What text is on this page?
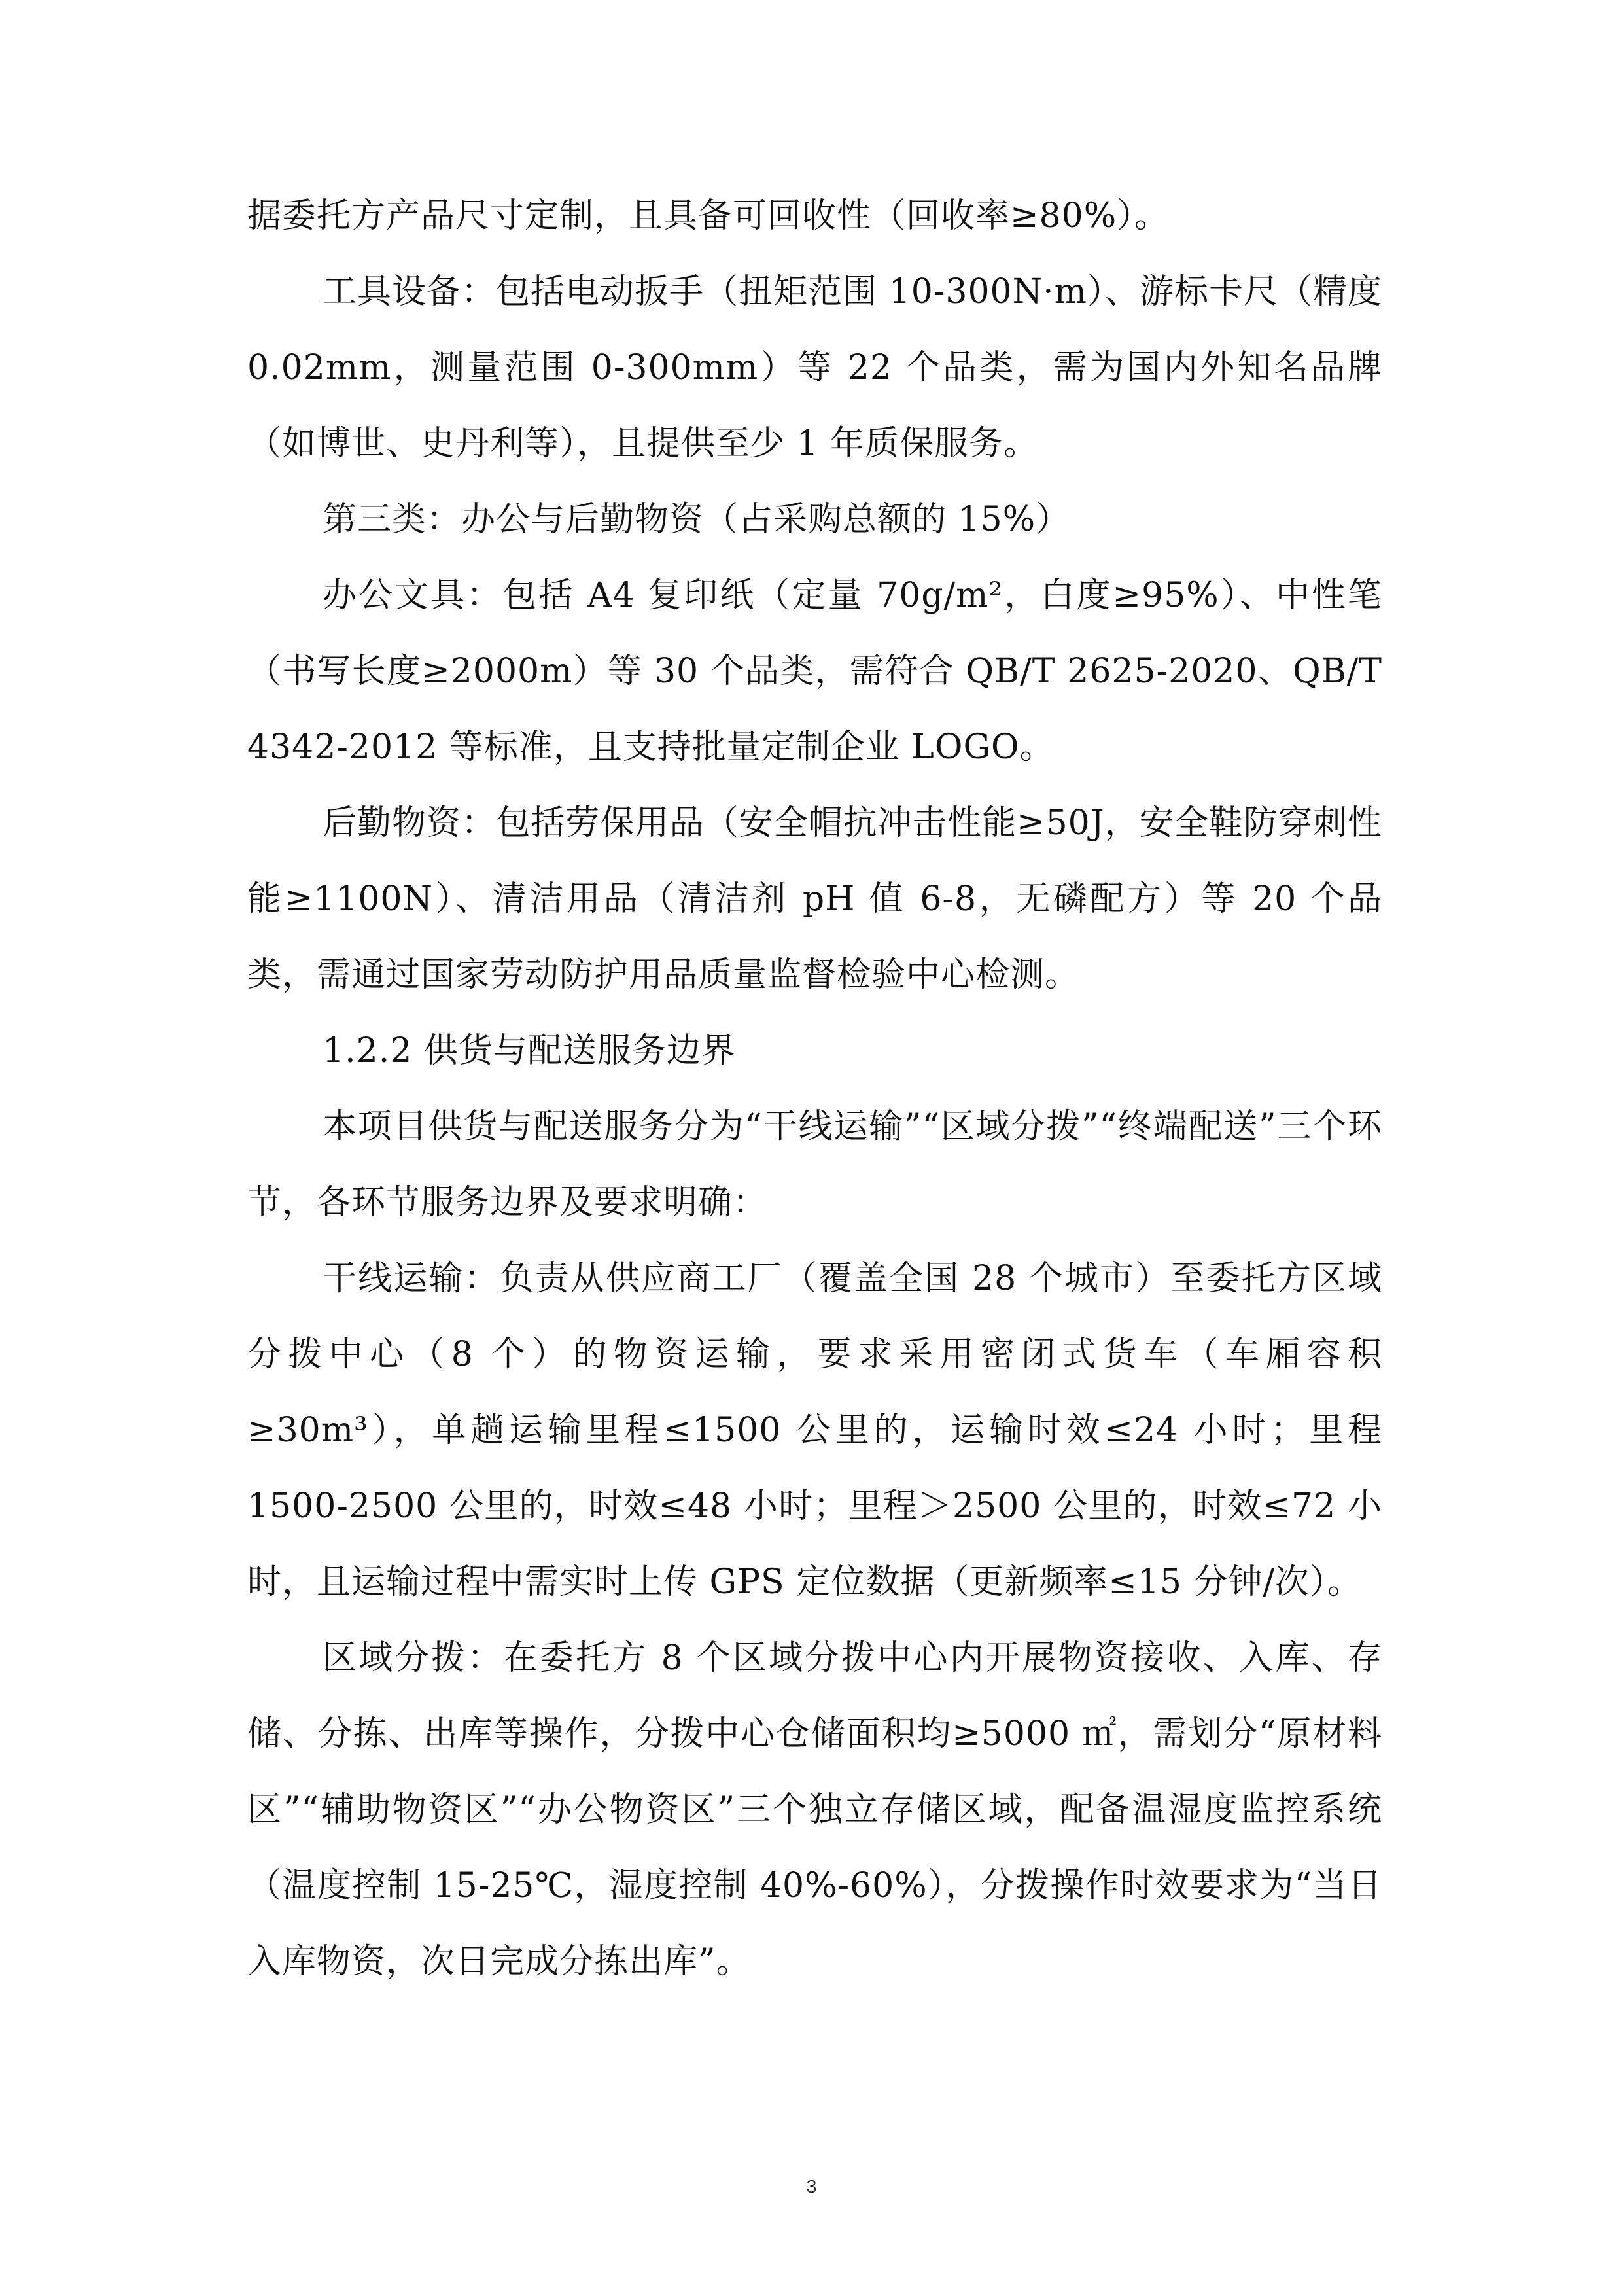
据委托方产品尺寸定制，且具备可回收性（回收率≥80%）。

工具设备：包括电动扳手（扭矩范围 10-300N·m）、游标卡尺（精度 0.02mm，测量范围 0-300mm）等 22 个品类，需为国内外知名品牌（如博世、史丹利等），且提供至少 1 年质保服务。

第三类：办公与后勤物资（占采购总额的 15%）

办公文具：包括 A4 复印纸（定量 70g/m²，白度≥95%）、中性笔（书写长度≥2000m）等 30 个品类，需符合 QB/T 2625-2020、QB/T 4342-2012 等标准，且支持批量定制企业 LOGO。

后勤物资：包括劳保用品（安全帽抗冲击性能≥50J，安全鞋防穿刺性能≥1100N）、清洁用品（清洁剂 pH 值 6-8，无磷配方）等 20 个品类，需通过国家劳动防护用品质量监督检验中心检测。

1.2.2 供货与配送服务边界

本项目供货与配送服务分为“干线运输”“区域分拨”“终端配送”三个环节，各环节服务边界及要求明确：

干线运输：负责从供应商工厂（覆盖全国 28 个城市）至委托方区域分拨中心（8 个）的物资运输，要求采用密闭式货车（车厢容积≥30m³），单趟运输里程≤1500 公里的，运输时效≤24 小时；里程 1500-2500 公里的，时效≤48 小时；里程＞2500 公里的，时效≤72 小时，且运输过程中需实时上传 GPS 定位数据（更新频率≤15 分钟/次）。

区域分拨：在委托方 8 个区域分拨中心内开展物资接收、入库、存储、分拣、出库等操作，分拨中心仓储面积均≥5000 ㎡，需划分“原材料区”“辅助物资区”“办公物资区”三个独立存储区域，配备温湿度监控系统（温度控制 15-25℃，湿度控制 40%-60%），分拨操作时效要求为“当日入库物资，次日完成分拣出库”。

3
